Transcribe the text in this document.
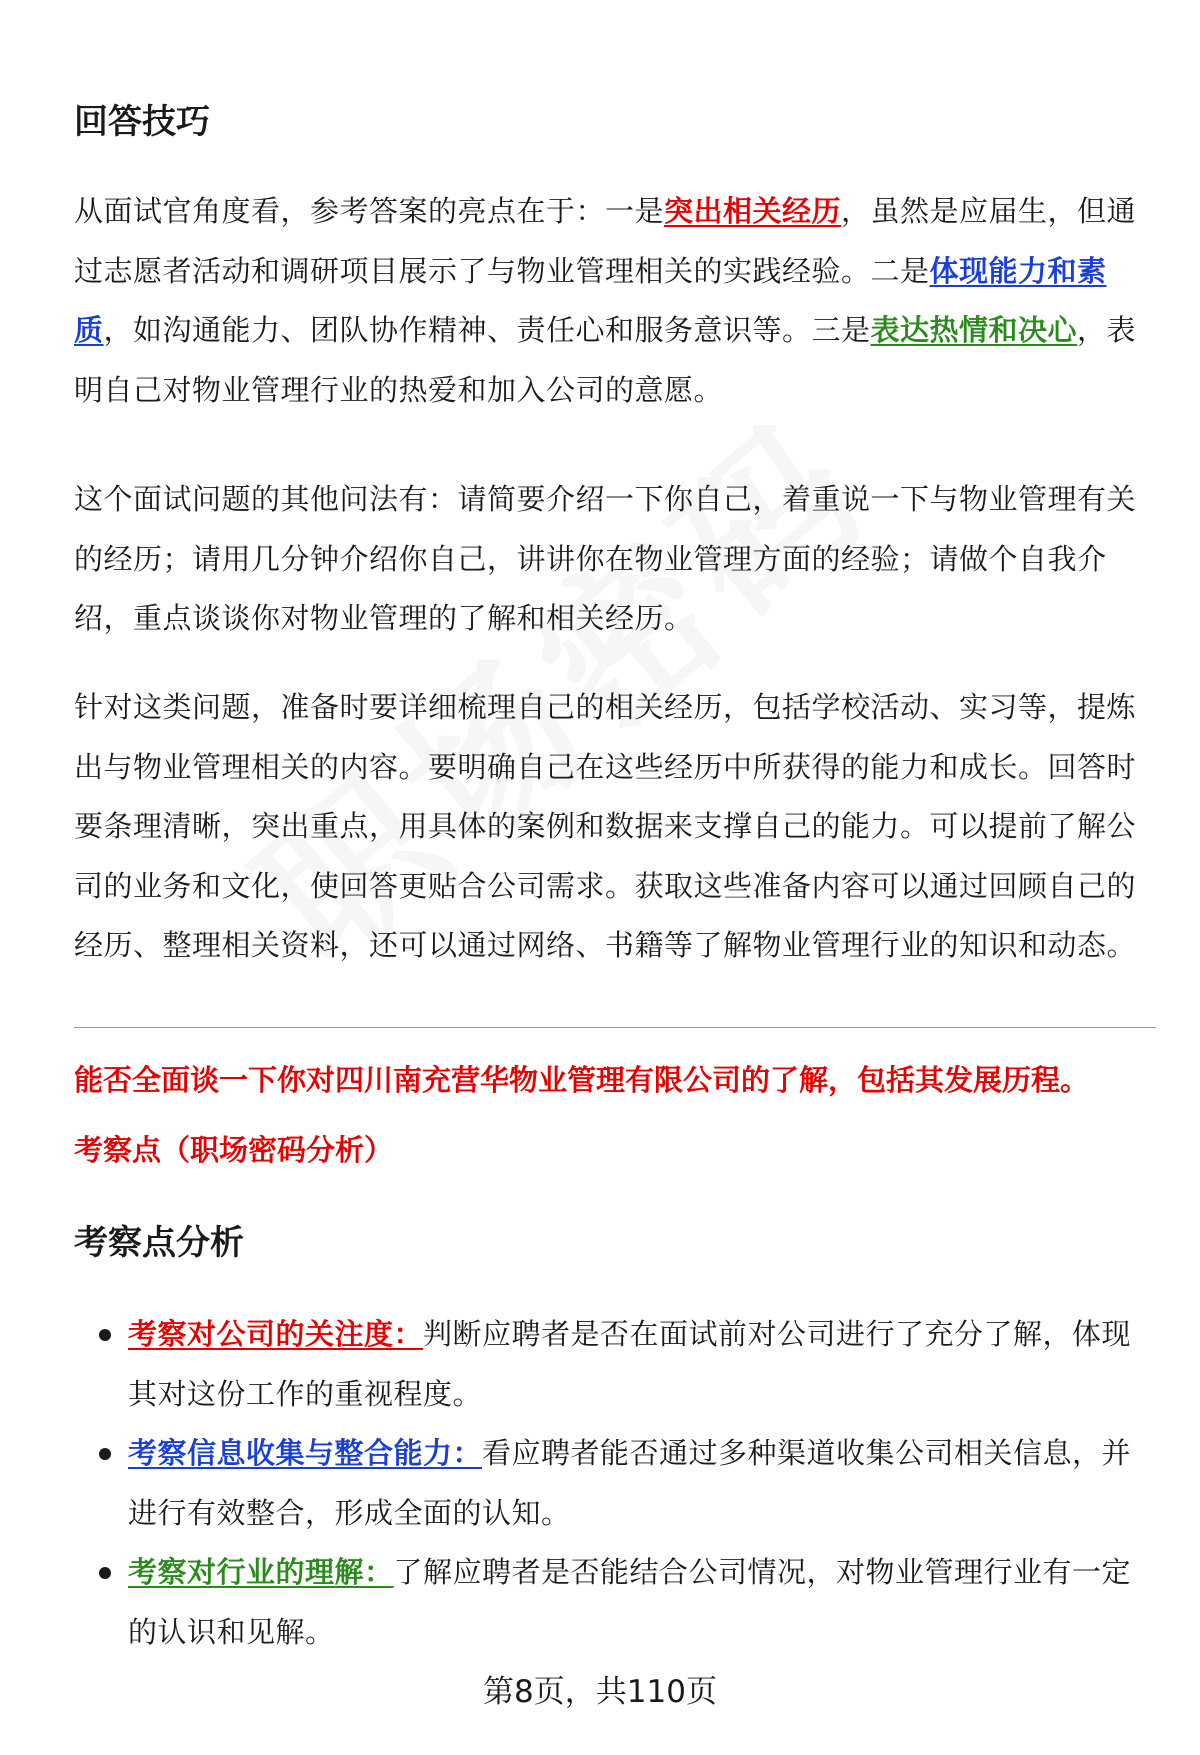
回答技巧

从面试官角度看，参考答案的亮点在于：一是突出相关经历，虽然是应届生，但通过志愿者活动和调研项目展示了与物业管理相关的实践经验。二是体现能力和素质，如沟通能力、团队协作精神、责任心和服务意识等。三是表达热情和决心，表明自己对物业管理行业的热爱和加入公司的意愿。

这个面试问题的其他问法有：请简要介绍一下你自己，着重说一下与物业管理有关的经历；请用几分钟介绍你自己，讲讲你在物业管理方面的经验；请做个自我介绍，重点谈谈你对物业管理的了解和相关经历。

针对这类问题，准备时要详细梳理自己的相关经历，包括学校活动、实习等，提炼出与物业管理相关的内容。要明确自己在这些经历中所获得的能力和成长。回答时要条理清晰，突出重点，用具体的案例和数据来支撑自己的能力。可以提前了解公司的业务和文化，使回答更贴合公司需求。获取这些准备内容可以通过回顾自己的经历、整理相关资料，还可以通过网络、书籍等了解物业管理行业的知识和动态。

能否全面谈一下你对四川南充营华物业管理有限公司的了解，包括其发展历程。

考察点（职场密码分析）

考察点分析
考察对公司的关注度：判断应聘者是否在面试前对公司进行了充分了解，体现其对这份工作的重视程度。
考察信息收集与整合能力：看应聘者能否通过多种渠道收集公司相关信息，并进行有效整合，形成全面的认知。
考察对行业的理解：了解应聘者是否能结合公司情况，对物业管理行业有一定的认识和见解。
第8页，共110页
